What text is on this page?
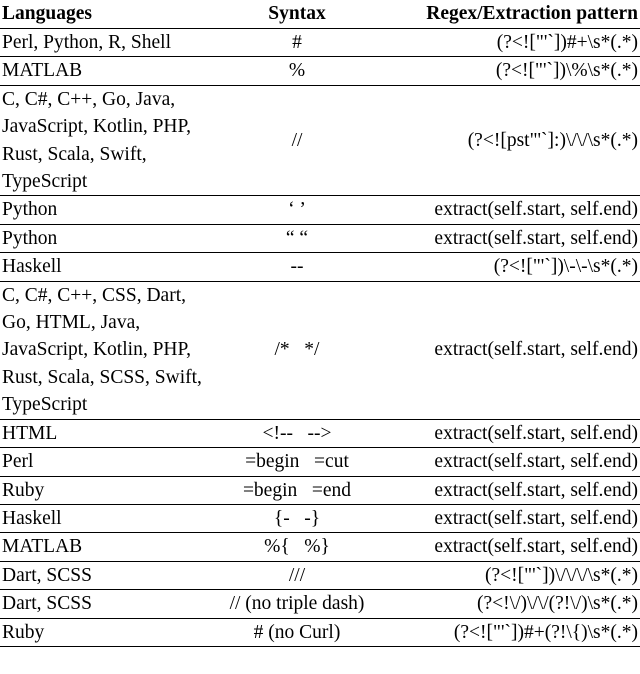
Languages	Syntax	Regex/Extraction pattern
Perl, Python, R, Shell	#	(?<!["'`])#+\s*(.*)
MATLAB	%	(?<!["'`])\%\s*(.*)
C, C#, C++, Go, Java, JavaScript, Kotlin, PHP, Rust, Scala, Swift, TypeScript	//	(?<![pst"'`]:)\/\/\s*(.*)
Python	‘ ’	extract(self.start, self.end)
Python	“ “	extract(self.start, self.end)
Haskell	--	(?<!["'`])\-\-\s*(.*)
C, C#, C++, CSS, Dart, Go, HTML, Java, JavaScript, Kotlin, PHP, Rust, Scala, SCSS, Swift, TypeScript	/*   */	extract(self.start, self.end)
HTML	<!--   -->	extract(self.start, self.end)
Perl	=begin   =cut	extract(self.start, self.end)
Ruby	=begin   =end	extract(self.start, self.end)
Haskell	{-   -}	extract(self.start, self.end)
MATLAB	%{   %}	extract(self.start, self.end)
Dart, SCSS	///	(?<!["'`])\/\/\/\s*(.*)
Dart, SCSS	// (no triple dash)	(?<!\/)\/\/(?!\/)\s*(.*)
Ruby	# (no Curl)	(?<!["'`])#+(?!\{)\s*(.*)
